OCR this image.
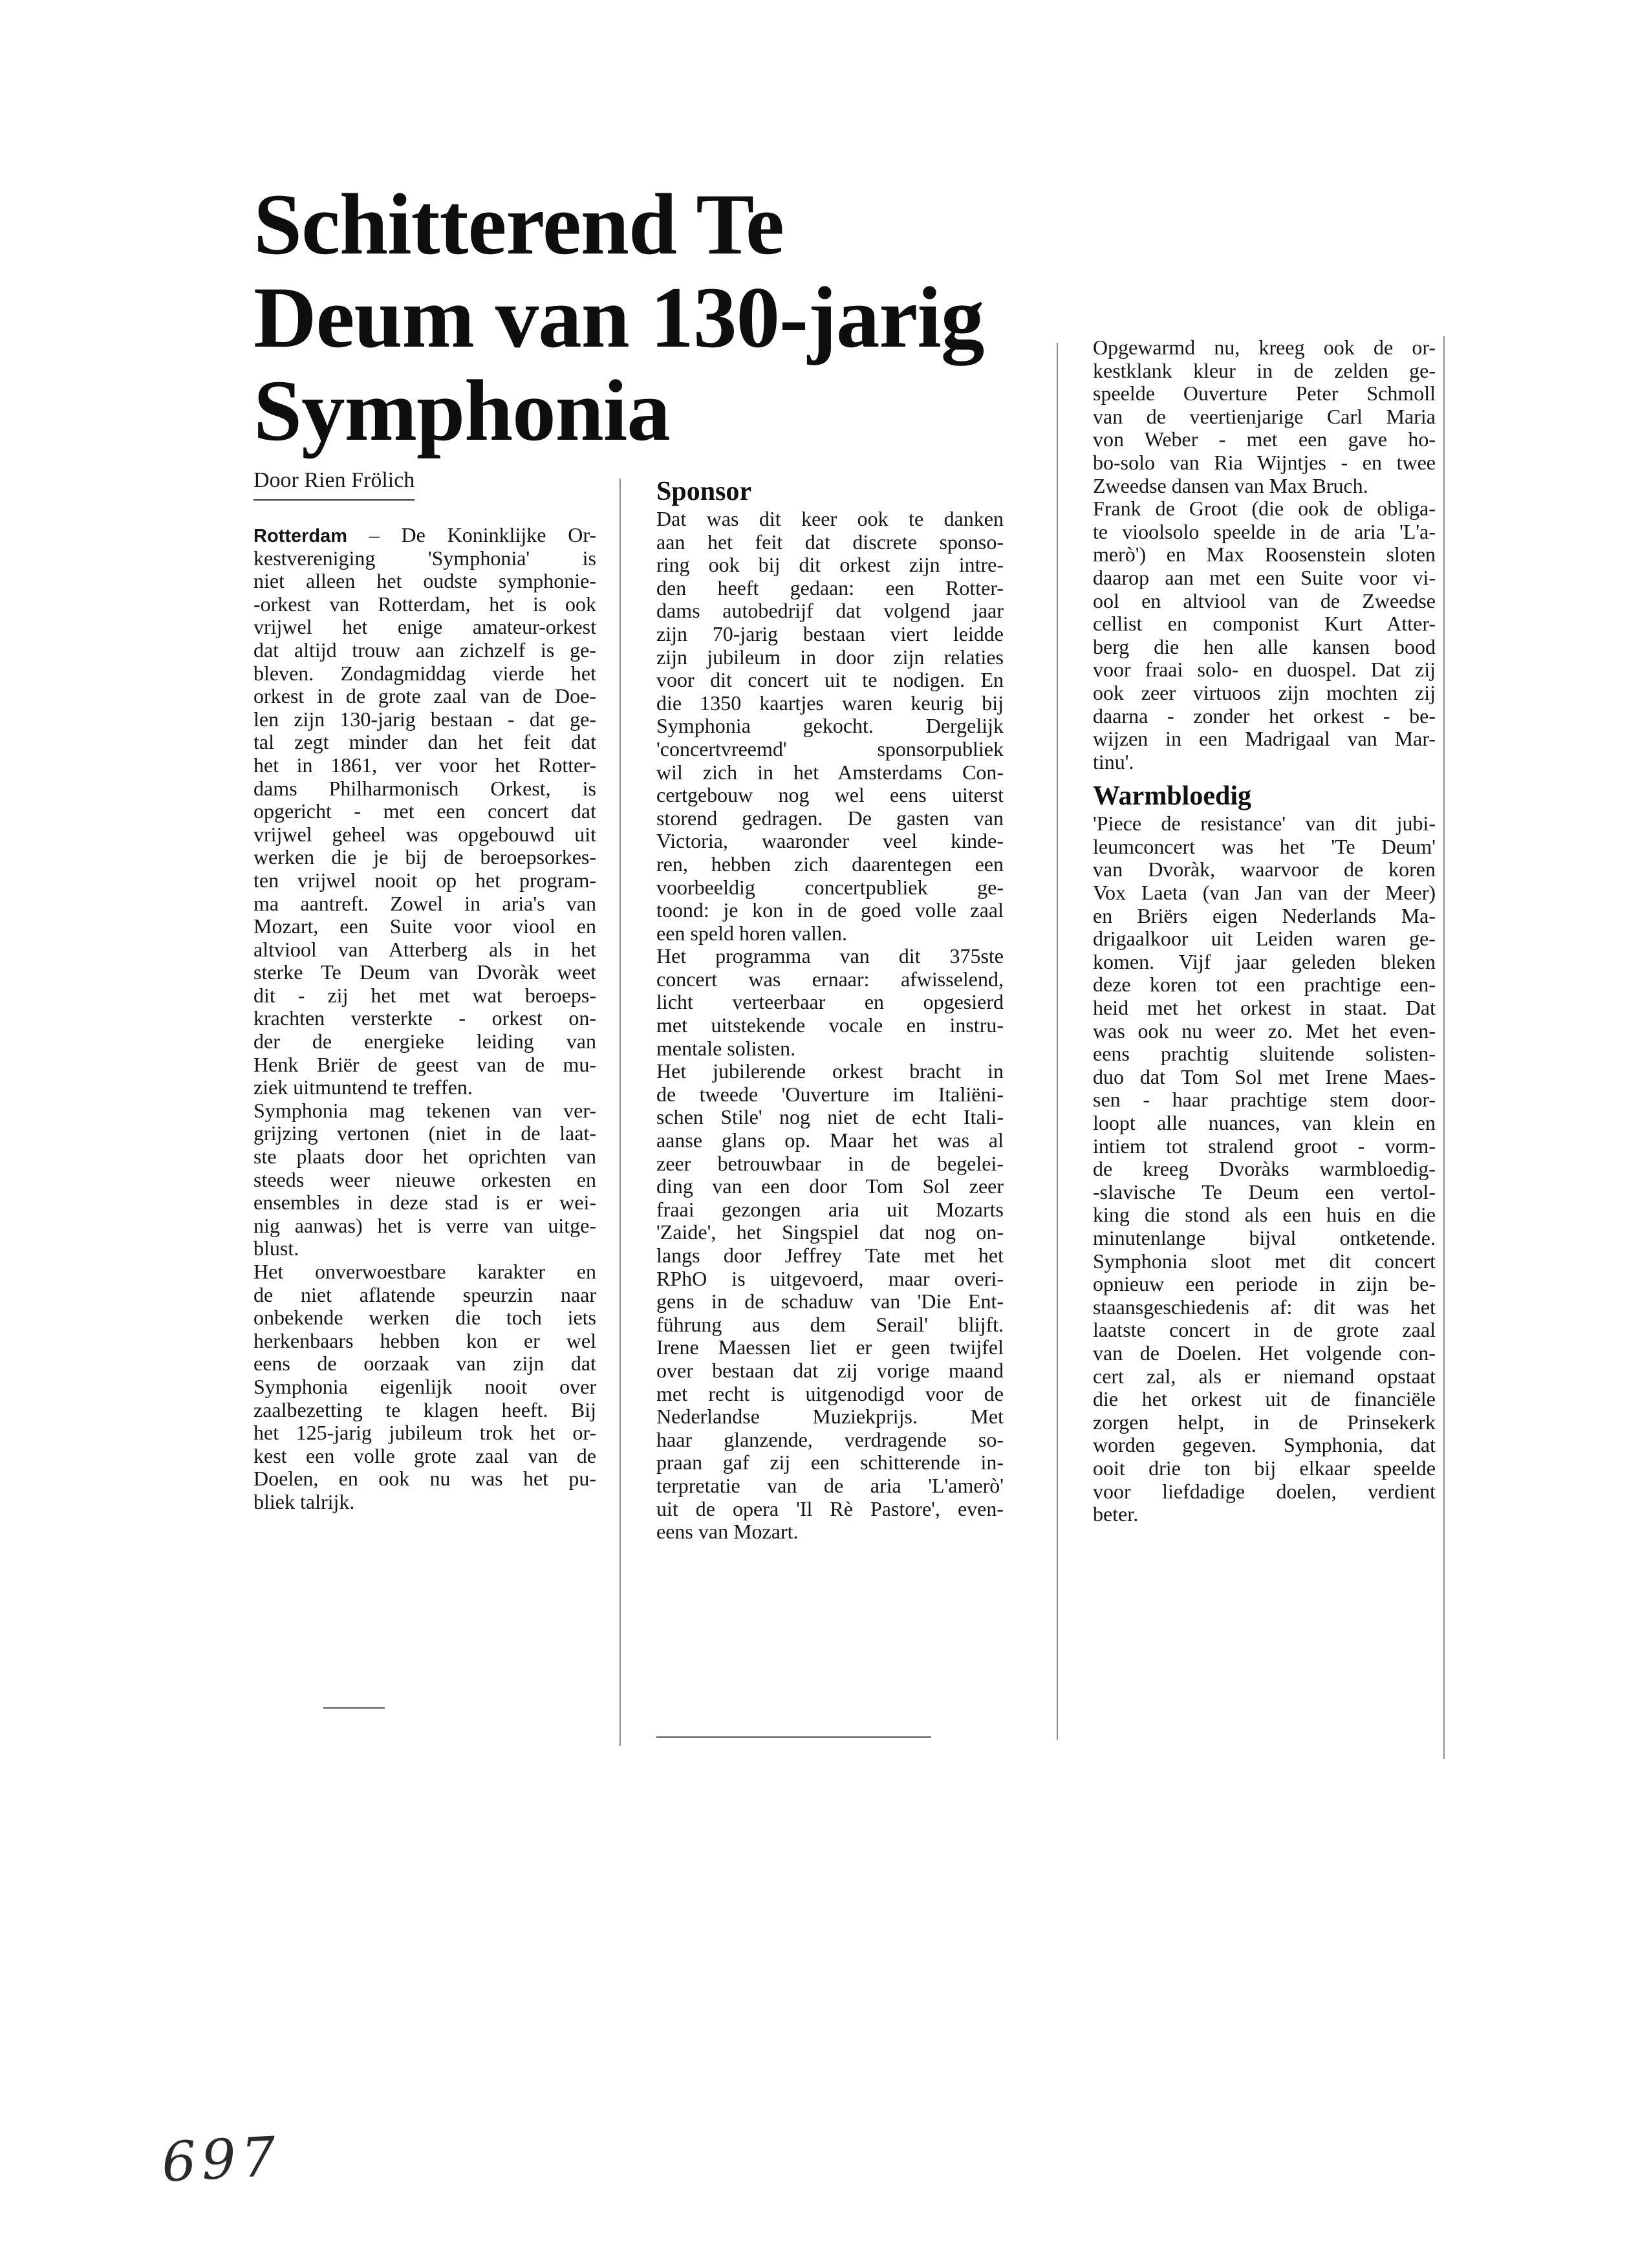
Schitterend Te
Deum van 130-jarig
Symphonia
Door Rien Frölich
Rotterdam – De Koninklijke Or-
kestvereniging 'Symphonia' is
niet alleen het oudste symphonie-
-orkest van Rotterdam, het is ook
vrijwel het enige amateur-orkest
dat altijd trouw aan zichzelf is ge-
bleven. Zondagmiddag vierde het
orkest in de grote zaal van de Doe-
len zijn 130-jarig bestaan - dat ge-
tal zegt minder dan het feit dat
het in 1861, ver voor het Rotter-
dams Philharmonisch Orkest, is
opgericht - met een concert dat
vrijwel geheel was opgebouwd uit
werken die je bij de beroepsorkes-
ten vrijwel nooit op het program-
ma aantreft. Zowel in aria's van
Mozart, een Suite voor viool en
altviool van Atterberg als in het
sterke Te Deum van Dvoràk weet
dit - zij het met wat beroeps-
krachten versterkte - orkest on-
der de energieke leiding van
Henk Briër de geest van de mu-
ziek uitmuntend te treffen.
Symphonia mag tekenen van ver-
grijzing vertonen (niet in de laat-
ste plaats door het oprichten van
steeds weer nieuwe orkesten en
ensembles in deze stad is er wei-
nig aanwas) het is verre van uitge-
blust.
Het onverwoestbare karakter en
de niet aflatende speurzin naar
onbekende werken die toch iets
herkenbaars hebben kon er wel
eens de oorzaak van zijn dat
Symphonia eigenlijk nooit over
zaalbezetting te klagen heeft. Bij
het 125-jarig jubileum trok het or-
kest een volle grote zaal van de
Doelen, en ook nu was het pu-
bliek talrijk.
Sponsor
Dat was dit keer ook te danken
aan het feit dat discrete sponso-
ring ook bij dit orkest zijn intre-
den heeft gedaan: een Rotter-
dams autobedrijf dat volgend jaar
zijn 70-jarig bestaan viert leidde
zijn jubileum in door zijn relaties
voor dit concert uit te nodigen. En
die 1350 kaartjes waren keurig bij
Symphonia gekocht. Dergelijk
'concertvreemd' sponsorpubliek
wil zich in het Amsterdams Con-
certgebouw nog wel eens uiterst
storend gedragen. De gasten van
Victoria, waaronder veel kinde-
ren, hebben zich daarentegen een
voorbeeldig concertpubliek ge-
toond: je kon in de goed volle zaal
een speld horen vallen.
Het programma van dit 375ste
concert was ernaar: afwisselend,
licht verteerbaar en opgesierd
met uitstekende vocale en instru-
mentale solisten.
Het jubilerende orkest bracht in
de tweede 'Ouverture im Italiëni-
schen Stile' nog niet de echt Itali-
aanse glans op. Maar het was al
zeer betrouwbaar in de begelei-
ding van een door Tom Sol zeer
fraai gezongen aria uit Mozarts
'Zaide', het Singspiel dat nog on-
langs door Jeffrey Tate met het
RPhO is uitgevoerd, maar overi-
gens in de schaduw van 'Die Ent-
führung aus dem Serail' blijft.
Irene Maessen liet er geen twijfel
over bestaan dat zij vorige maand
met recht is uitgenodigd voor de
Nederlandse Muziekprijs. Met
haar glanzende, verdragende so-
praan gaf zij een schitterende in-
terpretatie van de aria 'L'amerò'
uit de opera 'Il Rè Pastore', even-
eens van Mozart.
Opgewarmd nu, kreeg ook de or-
kestklank kleur in de zelden ge-
speelde Ouverture Peter Schmoll
van de veertienjarige Carl Maria
von Weber - met een gave ho-
bo-solo van Ria Wijntjes - en twee
Zweedse dansen van Max Bruch.
Frank de Groot (die ook de obliga-
te vioolsolo speelde in de aria 'L'a-
merò') en Max Roosenstein sloten
daarop aan met een Suite voor vi-
ool en altviool van de Zweedse
cellist en componist Kurt Atter-
berg die hen alle kansen bood
voor fraai solo- en duospel. Dat zij
ook zeer virtuoos zijn mochten zij
daarna - zonder het orkest - be-
wijzen in een Madrigaal van Mar-
tinu'.
Warmbloedig
'Piece de resistance' van dit jubi-
leumconcert was het 'Te Deum'
van Dvoràk, waarvoor de koren
Vox Laeta (van Jan van der Meer)
en Briërs eigen Nederlands Ma-
drigaalkoor uit Leiden waren ge-
komen. Vijf jaar geleden bleken
deze koren tot een prachtige een-
heid met het orkest in staat. Dat
was ook nu weer zo. Met het even-
eens prachtig sluitende solisten-
duo dat Tom Sol met Irene Maes-
sen - haar prachtige stem door-
loopt alle nuances, van klein en
intiem tot stralend groot - vorm-
de kreeg Dvoràks warmbloedig-
-slavische Te Deum een vertol-
king die stond als een huis en die
minutenlange bijval ontketende.
Symphonia sloot met dit concert
opnieuw een periode in zijn be-
staansgeschiedenis af: dit was het
laatste concert in de grote zaal
van de Doelen. Het volgende con-
cert zal, als er niemand opstaat
die het orkest uit de financiële
zorgen helpt, in de Prinsekerk
worden gegeven. Symphonia, dat
ooit drie ton bij elkaar speelde
voor liefdadige doelen, verdient
beter.
697
